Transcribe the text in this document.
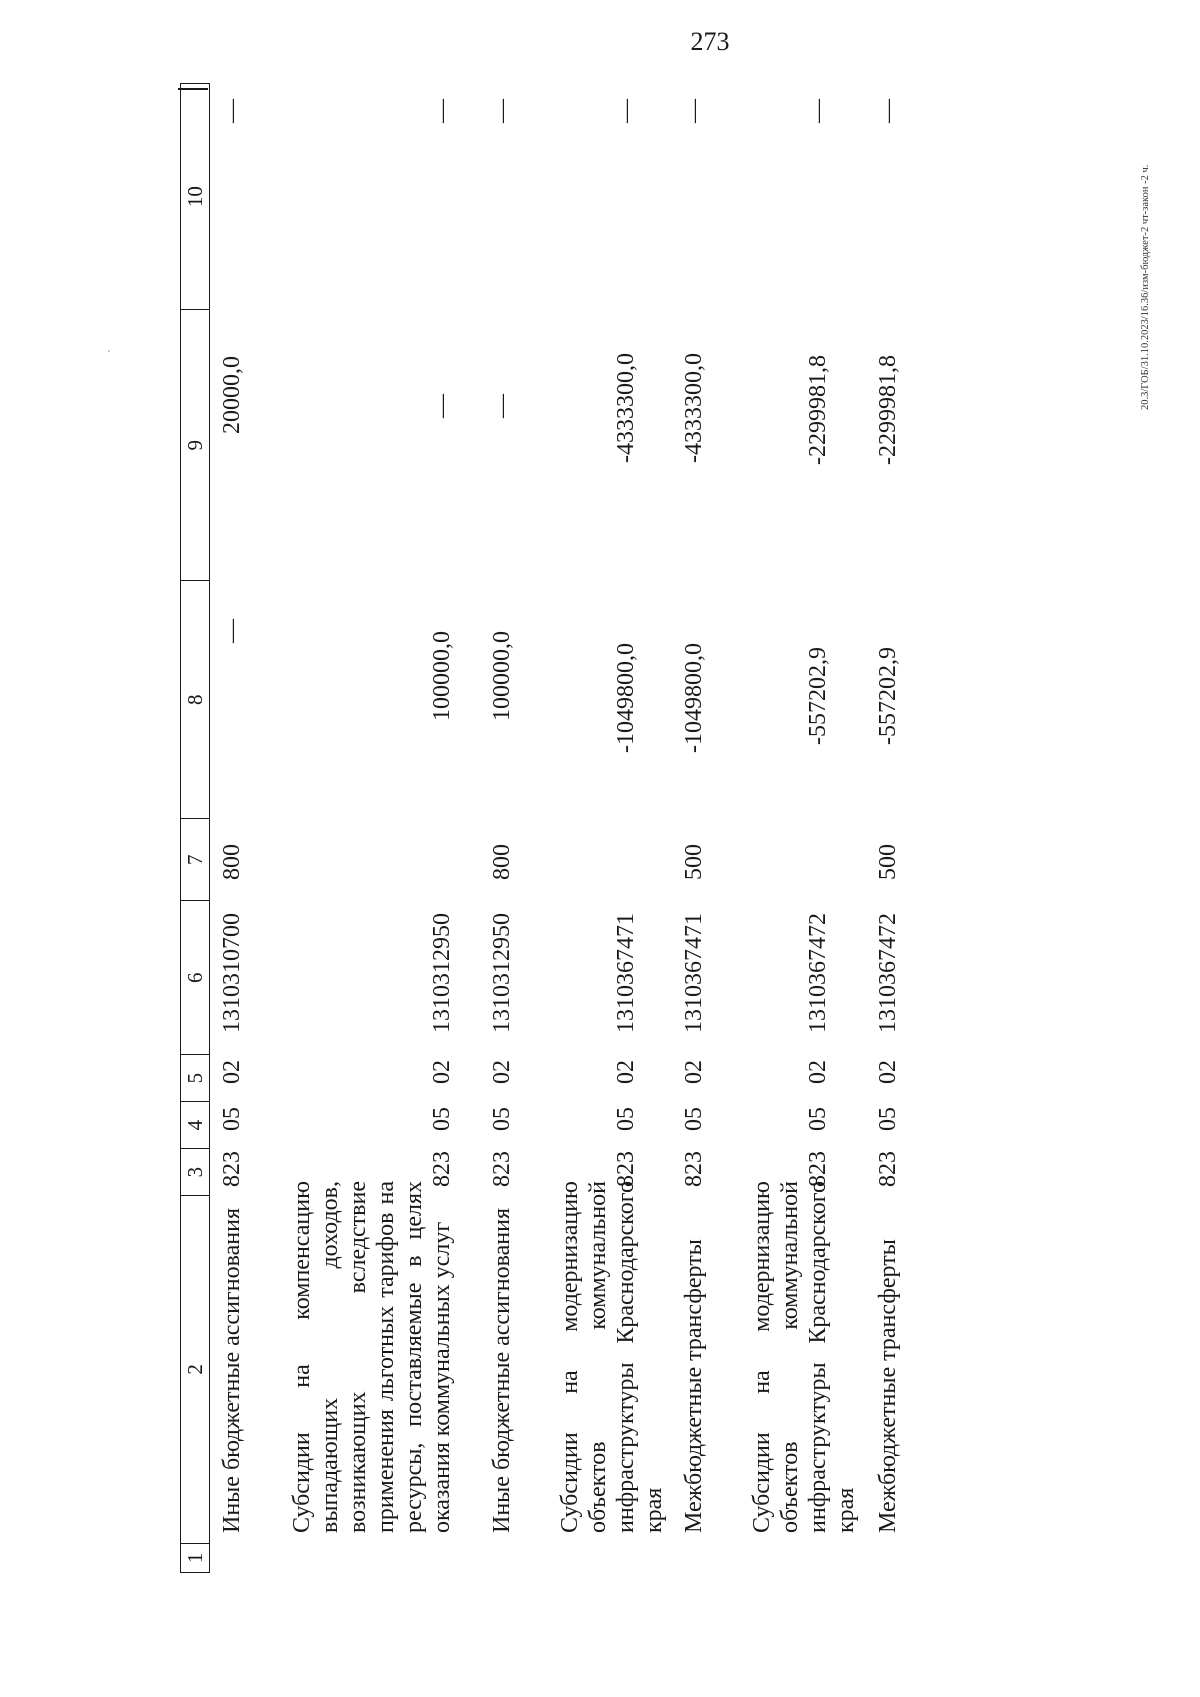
273
20.3/ГОБ/31.10.2023/16.36/изм-бюджет-2 чт-закон -2 ч.
1
2
3
4
5
6
7
8
9
10
Иные бюджетные ассигнования
823
05
02
1310310700
800
—
20000,0
—
Субсидии на компенсацию выпадающих доходов, возникающих вследствие применения льготных тарифов на ресурсы, поставляемые в целях оказания коммунальных услуг
823
05
02
1310312950
100000,0
—
—
Иные бюджетные ассигнования
823
05
02
1310312950
800
100000,0
—
—
Субсидии на модернизацию объектов коммунальной инфраструктуры Краснодарского края
823
05
02
1310367471
-1049800,0
-4333300,0
—
Межбюджетные трансферты
823
05
02
1310367471
500
-1049800,0
-4333300,0
—
Субсидии на модернизацию объектов коммунальной инфраструктуры Краснодарского края
823
05
02
1310367472
-557202,9
-2299981,8
—
Межбюджетные трансферты
823
05
02
1310367472
500
-557202,9
-2299981,8
—
